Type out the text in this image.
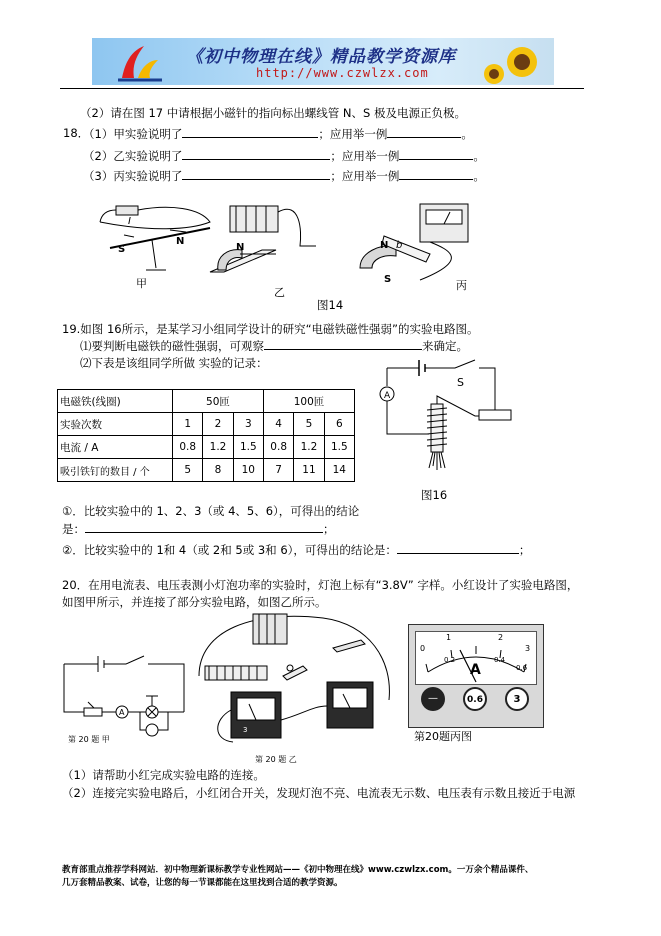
《初中物理在线》精品教学资源库
http://www.czwlzx.com
（2）请在图 17 中请根据小磁针的指向标出螺线管 N、S 极及电源正负极。
18．
（1）甲实验说明了	；应用举一例	。
（2）乙实验说明了	；应用举一例	。
（3）丙实验说明了	；应用举一例	。
I
S
N
N	N b
S
甲
乙
丙
图14
19.如图 16所示，是某学习小组同学设计的研究“电磁铁磁性强弱”的实验电路图。
⑴要判断电磁铁的磁性强弱，可观察	来确定。
⑵下表是该组同学所做 实验的记录：
电磁铁(线圈)	50匝			100匝		
实验次数	1	2	3	4	5	6
电流 / A	0.8	1.2	1.5	0.8	1.2	1.5
吸引铁钉的数目 / 个	5	8	10	7	11	14
A
S
图16
①．比较实验中的 1、2、3（或 4、5、6），可得出的结论
是：	；
②．比较实验中的 1和 4（或 2和 5或 3和 6），可得出的结论是：	；
20．在用电流表、电压表测小灯泡功率的实验时，灯泡上标有“3.8V” 字样。小红设计了实验电路图，
如图甲所示，并连接了部分实验电路，如图乙所示。
A
第 20 题 甲
3
第 20 题 乙
0
1	2
3
0.2	0.4
0.6
A
—	0.6	3
第20题丙图
（1）请帮助小红完成实验电路的连接。
（2）连接完实验电路后，小红闭合开关，发现灯泡不亮、电流表无示数、电压表有示数且接近于电源
教育部重点推荐学科网站．初中物理新课标教学专业性网站——《初中物理在线》www.czwlzx.com。一万余个精品课件、
几万套精品教案、试卷，让您的每一节课都能在这里找到合适的教学资源。
